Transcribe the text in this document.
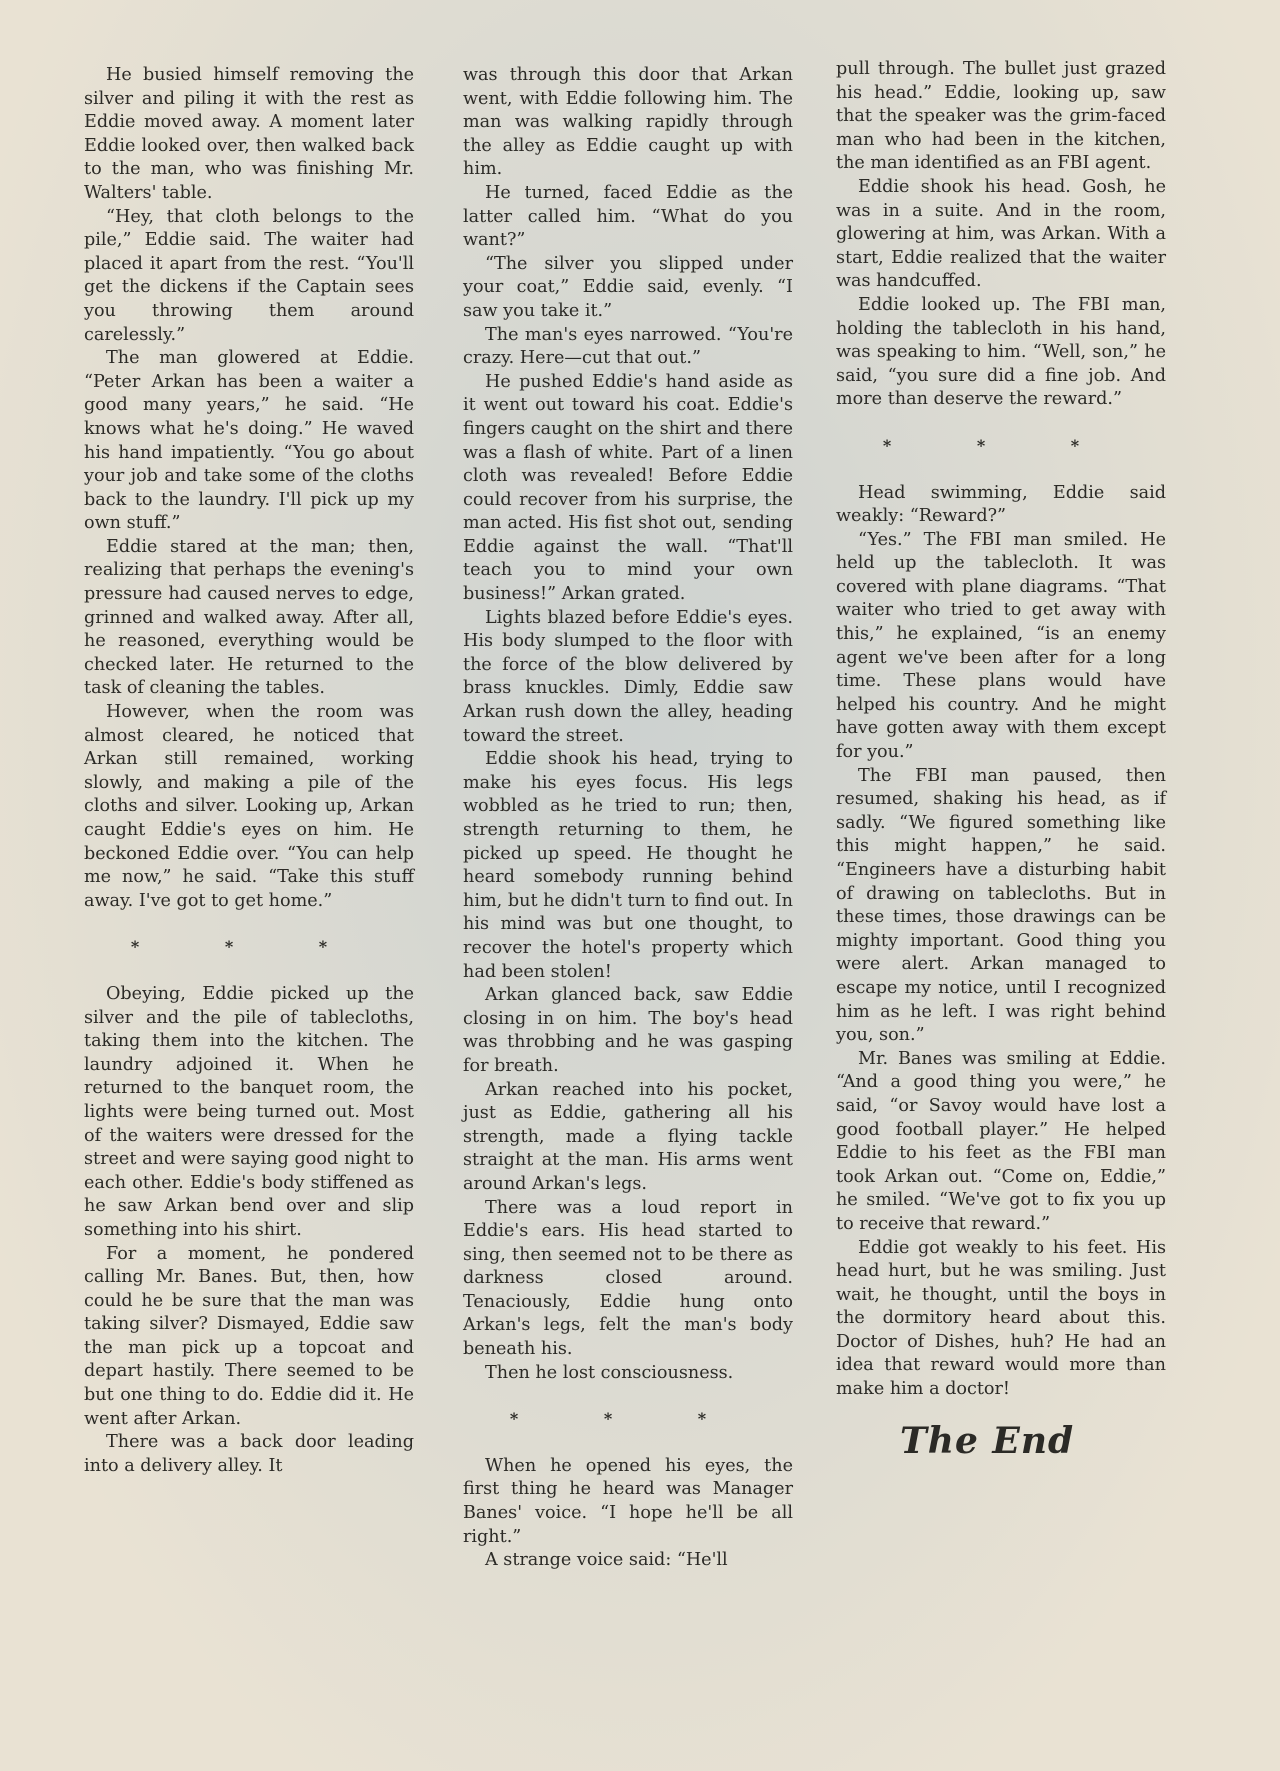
He busied himself removing the silver and piling it with the rest as Eddie moved away. A moment later Eddie looked over, then walked back to the man, who was finishing Mr. Walters' table.

“Hey, that cloth belongs to the pile,” Eddie said. The waiter had placed it apart from the rest. “You'll get the dickens if the Captain sees you throwing them around carelessly.”

The man glowered at Eddie. “Peter Arkan has been a waiter a good many years,” he said. “He knows what he's doing.” He waved his hand impatiently. “You go about your job and take some of the cloths back to the laundry. I'll pick up my own stuff.”

Eddie stared at the man; then, realizing that perhaps the evening's pressure had caused nerves to edge, grinned and walked away. After all, he reasoned, everything would be checked later. He returned to the task of cleaning the tables.

However, when the room was almost cleared, he noticed that Arkan still remained, working slowly, and making a pile of the cloths and silver. Looking up, Arkan caught Eddie's eyes on him. He beckoned Eddie over. “You can help me now,” he said. “Take this stuff away. I've got to get home.”

* * *

Obeying, Eddie picked up the silver and the pile of tablecloths, taking them into the kitchen. The laundry adjoined it. When he returned to the banquet room, the lights were being turned out. Most of the waiters were dressed for the street and were saying good night to each other. Eddie's body stiffened as he saw Arkan bend over and slip something into his shirt.

For a moment, he pondered calling Mr. Banes. But, then, how could he be sure that the man was taking silver? Dismayed, Eddie saw the man pick up a topcoat and depart hastily. There seemed to be but one thing to do. Eddie did it. He went after Arkan.

There was a back door leading into a delivery alley. It

was through this door that Arkan went, with Eddie following him. The man was walking rapidly through the alley as Eddie caught up with him.

He turned, faced Eddie as the latter called him. “What do you want?”

“The silver you slipped under your coat,” Eddie said, evenly. “I saw you take it.”

The man's eyes narrowed. “You're crazy. Here—cut that out.”

He pushed Eddie's hand aside as it went out toward his coat. Eddie's fingers caught on the shirt and there was a flash of white. Part of a linen cloth was revealed! Before Eddie could recover from his surprise, the man acted. His fist shot out, sending Eddie against the wall. “That'll teach you to mind your own business!” Arkan grated.

Lights blazed before Eddie's eyes. His body slumped to the floor with the force of the blow delivered by brass knuckles. Dimly, Eddie saw Arkan rush down the alley, heading toward the street.

Eddie shook his head, trying to make his eyes focus. His legs wobbled as he tried to run; then, strength returning to them, he picked up speed. He thought he heard somebody running behind him, but he didn't turn to find out. In his mind was but one thought, to recover the hotel's property which had been stolen!

Arkan glanced back, saw Eddie closing in on him. The boy's head was throbbing and he was gasping for breath.

Arkan reached into his pocket, just as Eddie, gathering all his strength, made a flying tackle straight at the man. His arms went around Arkan's legs.

There was a loud report in Eddie's ears. His head started to sing, then seemed not to be there as darkness closed around. Tenaciously, Eddie hung onto Arkan's legs, felt the man's body beneath his.

Then he lost consciousness.

* * *

When he opened his eyes, the first thing he heard was Manager Banes' voice. “I hope he'll be all right.”

A strange voice said: “He'll

pull through. The bullet just grazed his head.” Eddie, looking up, saw that the speaker was the grim-faced man who had been in the kitchen, the man identified as an FBI agent.

Eddie shook his head. Gosh, he was in a suite. And in the room, glowering at him, was Arkan. With a start, Eddie realized that the waiter was handcuffed.

Eddie looked up. The FBI man, holding the tablecloth in his hand, was speaking to him. “Well, son,” he said, “you sure did a fine job. And more than deserve the reward.”

* * *

Head swimming, Eddie said weakly: “Reward?”

“Yes.” The FBI man smiled. He held up the tablecloth. It was covered with plane diagrams. “That waiter who tried to get away with this,” he explained, “is an enemy agent we've been after for a long time. These plans would have helped his country. And he might have gotten away with them except for you.”

The FBI man paused, then resumed, shaking his head, as if sadly. “We figured something like this might happen,” he said. “Engineers have a disturbing habit of drawing on tablecloths. But in these times, those drawings can be mighty important. Good thing you were alert. Arkan managed to escape my notice, until I recognized him as he left. I was right behind you, son.”

Mr. Banes was smiling at Eddie. “And a good thing you were,” he said, “or Savoy would have lost a good football player.” He helped Eddie to his feet as the FBI man took Arkan out. “Come on, Eddie,” he smiled. “We've got to fix you up to receive that reward.”

Eddie got weakly to his feet. His head hurt, but he was smiling. Just wait, he thought, until the boys in the dormitory heard about this. Doctor of Dishes, huh? He had an idea that reward would more than make him a doctor!

The End
